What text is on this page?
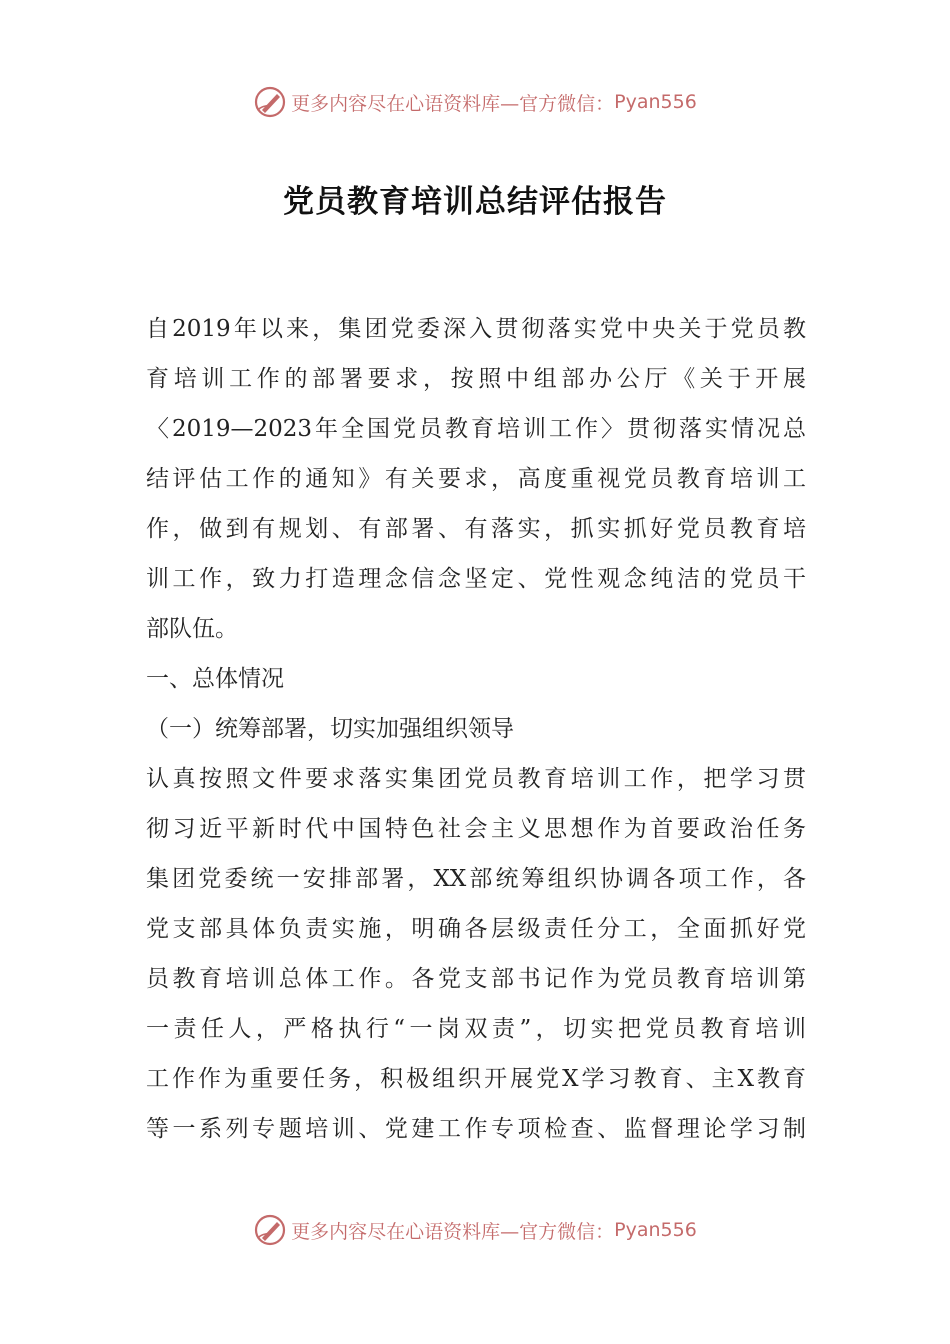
更多内容尽在心语资料库—官方微信： Pyan556
党员教育培训总结评估报告
自2019年以来，集团党委深入贯彻落实党中央关于党员教
育培训工作的部署要求，按照中组部办公厅《关于开展
〈2019—2023年全国党员教育培训工作〉贯彻落实情况总
结评估工作的通知》有关要求，高度重视党员教育培训工
作，做到有规划、有部署、有落实，抓实抓好党员教育培
训工作，致力打造理念信念坚定、党性观念纯洁的党员干
部队伍。
一、总体情况
（一）统筹部署，切实加强组织领导
认真按照文件要求落实集团党员教育培训工作，把学习贯
彻习近平新时代中国特色社会主义思想作为首要政治任务
集团党委统一安排部署，XX部统筹组织协调各项工作，各
党支部具体负责实施，明确各层级责任分工，全面抓好党
员教育培训总体工作。各党支部书记作为党员教育培训第
一责任人，严格执行“一岗双责”，切实把党员教育培训
工作作为重要任务，积极组织开展党X学习教育、主X教育
等一系列专题培训、党建工作专项检查、监督理论学习制
更多内容尽在心语资料库—官方微信： Pyan556
